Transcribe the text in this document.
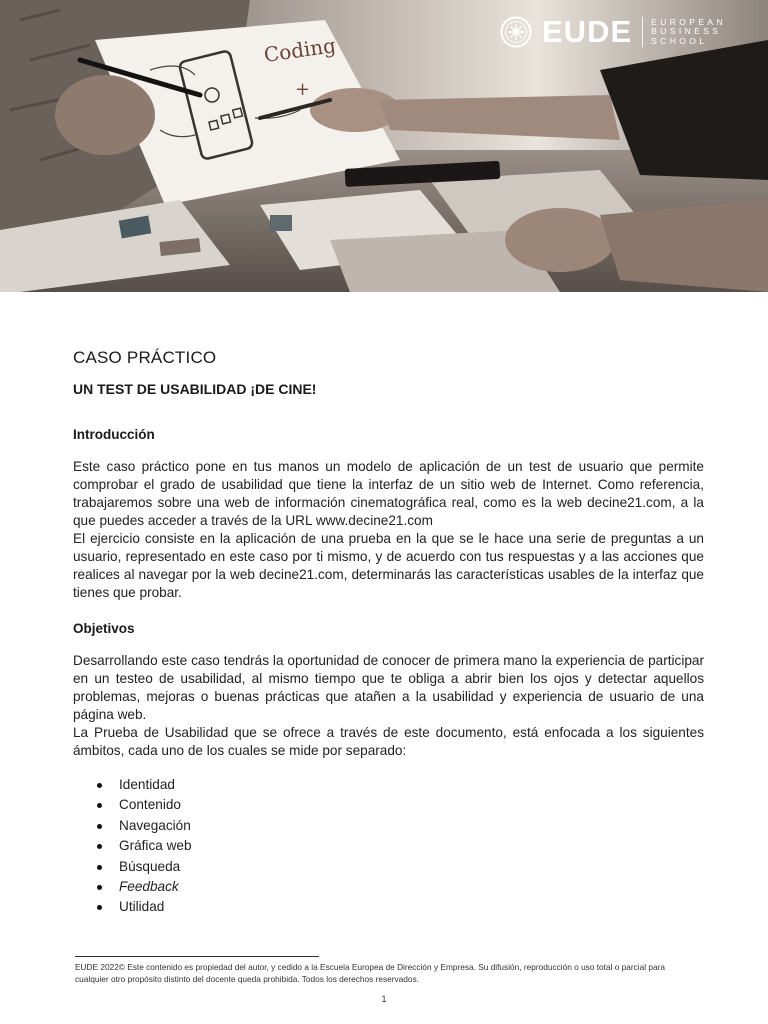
Coding
+
EUDE EUROPEAN
BUSINESS
SCHOOL
CASO PRÁCTICO
UN TEST DE USABILIDAD ¡DE CINE!
Introducción

Este caso práctico pone en tus manos un modelo de aplicación de un test de usuario que permite comprobar el grado de usabilidad que tiene la interfaz de un sitio web de Internet. Como referencia, trabajaremos sobre una web de información cinematográfica real, como es la web decine21.com, a la que puedes acceder a través de la URL www.decine21.com

El ejercicio consiste en la aplicación de una prueba en la que se le hace una serie de preguntas a un usuario, representado en este caso por ti mismo, y de acuerdo con tus respuestas y a las acciones que realices al navegar por la web decine21.com, determinarás las características usables de la interfaz que tienes que probar.

Objetivos

Desarrollando este caso tendrás la oportunidad de conocer de primera mano la experiencia de participar en un testeo de usabilidad, al mismo tiempo que te obliga a abrir bien los ojos y detectar aquellos problemas, mejoras o buenas prácticas que atañen a la usabilidad y experiencia de usuario de una página web.

La Prueba de Usabilidad que se ofrece a través de este documento, está enfocada a los siguientes ámbitos, cada uno de los cuales se mide por separado:

Identidad
Contenido
Navegación
Gráfica web
Búsqueda
Feedback
Utilidad

EUDE 2022© Este contenido es propiedad del autor, y cedido a la Escuela Europea de Dirección y Empresa. Su difusión, reproducción o uso total o parcial para cualquier otro propósito distinto del docente queda prohibida. Todos los derechos reservados.

1
